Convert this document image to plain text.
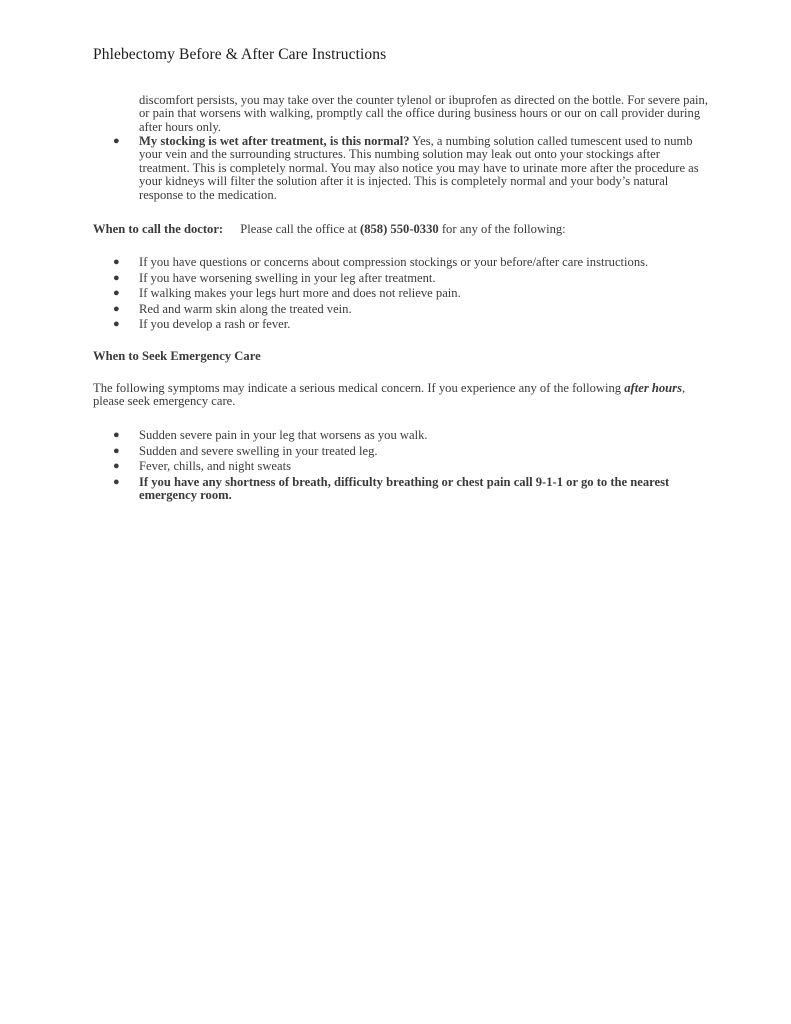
Phlebectomy Before & After Care Instructions
discomfort persists, you may take over the counter tylenol or ibuprofen as directed on the bottle. For severe pain, or pain that worsens with walking, promptly call the office during business hours or our on call provider during after hours only.
● My stocking is wet after treatment, is this normal? Yes, a numbing solution called tumescent used to numb your vein and the surrounding structures. This numbing solution may leak out onto your stockings after treatment. This is completely normal. You may also notice you may have to urinate more after the procedure as your kidneys will filter the solution after it is injected. This is completely normal and your body’s natural response to the medication.
When to call the doctor: Please call the office at (858) 550-0330 for any of the following:
● If you have questions or concerns about compression stockings or your before/after care instructions.
● If you have worsening swelling in your leg after treatment.
● If walking makes your legs hurt more and does not relieve pain.
● Red and warm skin along the treated vein.
● If you develop a rash or fever.
When to Seek Emergency Care
The following symptoms may indicate a serious medical concern. If you experience any of the following after hours, please seek emergency care.
● Sudden severe pain in your leg that worsens as you walk.
● Sudden and severe swelling in your treated leg.
● Fever, chills, and night sweats
● If you have any shortness of breath, difficulty breathing or chest pain call 9-1-1 or go to the nearest emergency room.
